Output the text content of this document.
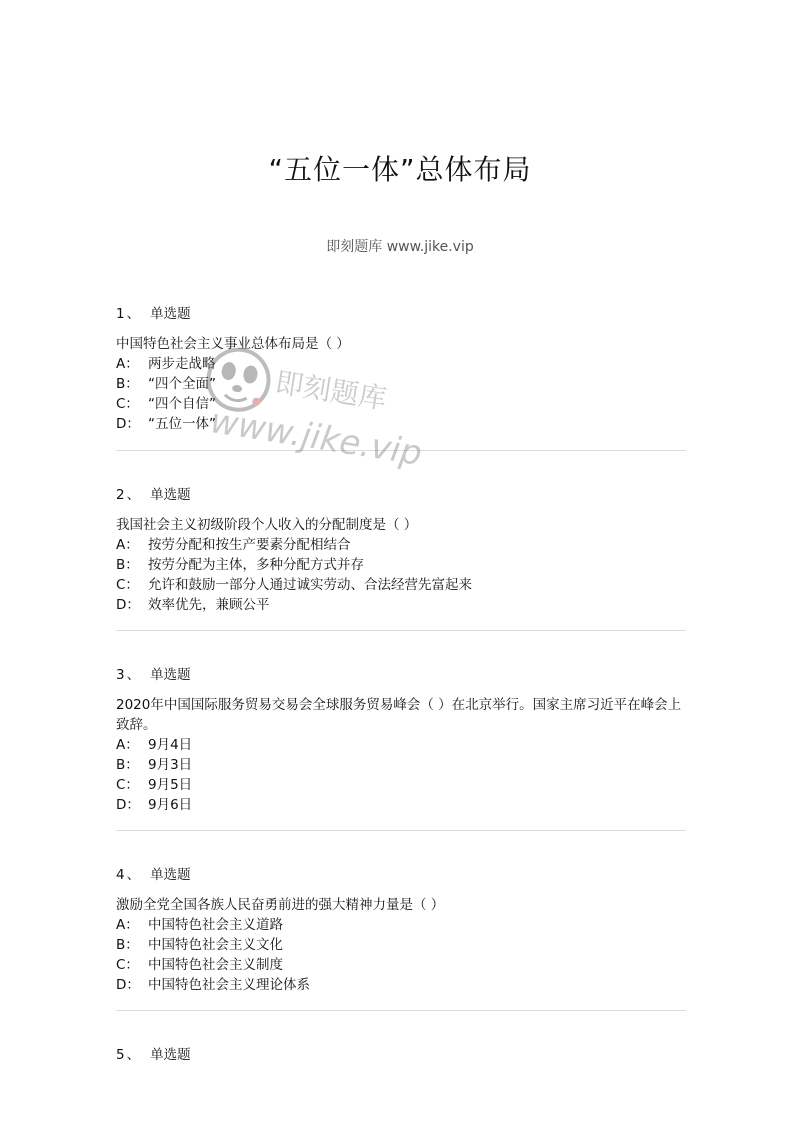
“五位一体”总体布局
即刻题库 www.jike.vip
1 、 单选题
中国特色社会主义事业总体布局是（ ）
A： 两步走战略
B： “四个全面”
C： “四个自信”
D： “五位一体”
2 、 单选题
我国社会主义初级阶段个人收入的分配制度是（ ）
A： 按劳分配和按生产要素分配相结合
B： 按劳分配为主体，多种分配方式并存
C： 允许和鼓励一部分人通过诚实劳动、合法经营先富起来
D： 效率优先，兼顾公平
3 、 单选题
2020年中国国际服务贸易交易会全球服务贸易峰会（ ）在北京举行。国家主席习近平在峰会上致辞。
A： 9月4日
B： 9月3日
C： 9月5日
D： 9月6日
4 、 单选题
激励全党全国各族人民奋勇前进的强大精神力量是（ ）
A： 中国特色社会主义道路
B： 中国特色社会主义文化
C： 中国特色社会主义制度
D： 中国特色社会主义理论体系
5 、 单选题
即刻题库
www.jike.vip
